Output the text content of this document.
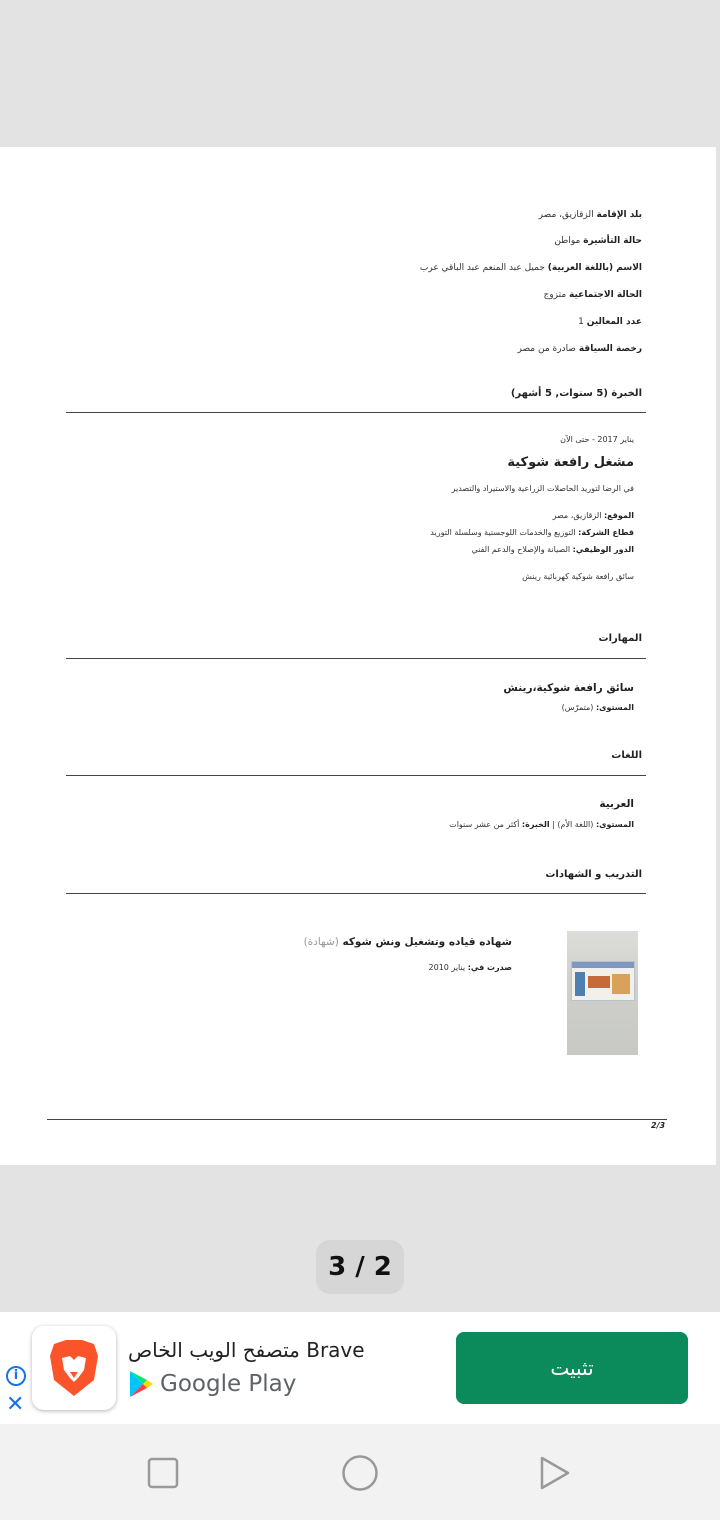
بلد الإقامة الزقازيق، مصر
حالة التأشيرة مواطن
الاسم (باللغة العربية) جميل عبد المنعم عبد الباقي عرب
الحالة الاجتماعية متزوج
عدد المعالين 1
رخصة السياقة صادرة من مصر
الخبرة (5 سنوات, 5 أشهر)
يناير 2017 - حتى الآن
مشغل رافعة شوكية
في الرضا لتوريد الحاصلات الزراعية والاستيراد والتصدير
الموقع: الزقازيق، مصر
قطاع الشركة: التوزيع والخدمات اللوجستية وسلسلة التوريد
الدور الوظيفي: الصيانة والإصلاح والدعم الفني
سائق رافعة شوكية كهربائية رينش
المهارات
سائق رافعة شوكية،رينش
المستوى: (متمرّس)
اللغات
العربية
المستوى: (اللغة الأم) | الخبرة: أكثر من عشر سنوات
التدريب و الشهادات
شهاده قياده وتشغيل ونش شوكه (شهادة)
صدرت في: يناير 2010
2/3
3 / 2
i
✕
متصفح الويب الخاص Brave
Google Play
تثبيت
